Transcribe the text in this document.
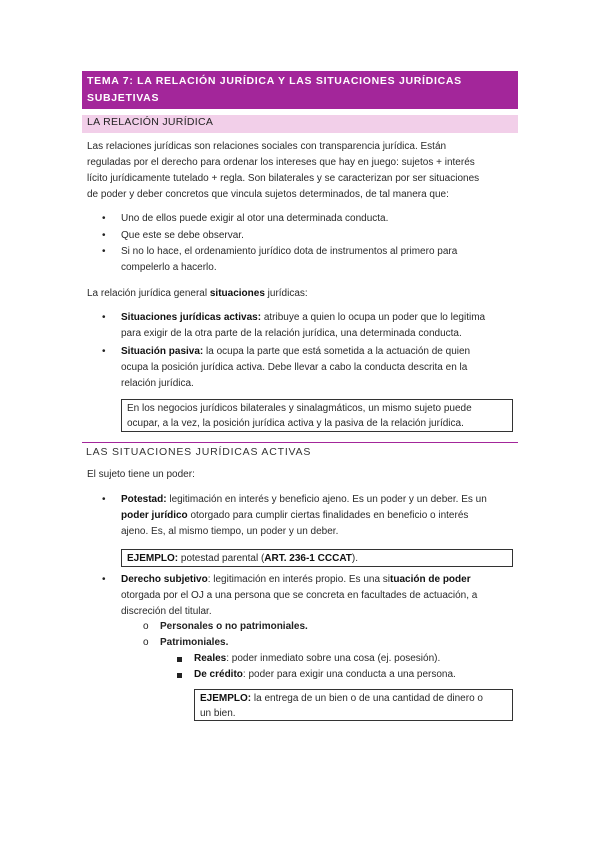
TEMA 7: LA RELACIÓN JURÍDICA Y LAS SITUACIONES JURÍDICAS
SUBJETIVAS
LA RELACIÓN JURÍDICA
Las relaciones jurídicas son relaciones sociales con transparencia jurídica. Están
reguladas por el derecho para ordenar los intereses que hay en juego: sujetos + interés
lícito jurídicamente tutelado + regla. Son bilaterales y se caracterizan por ser situaciones
de poder y deber concretos que vincula sujetos determinados, de tal manera que:
•	Uno de ellos puede exigir al otor una determinada conducta.
•	Que este se debe observar.
•	Si no lo hace, el ordenamiento jurídico dota de instrumentos al primero para
compelerlo a hacerlo.
La relación jurídica general situaciones jurídicas:
•	Situaciones jurídicas activas: atribuye a quien lo ocupa un poder que lo legitima
para exigir de la otra parte de la relación jurídica, una determinada conducta.
•	Situación pasiva: la ocupa la parte que está sometida a la actuación de quien
ocupa la posición jurídica activa. Debe llevar a cabo la conducta descrita en la
relación jurídica.
En los negocios jurídicos bilaterales y sinalagmáticos, un mismo sujeto puede
ocupar, a la vez, la posición jurídica activa y la pasiva de la relación jurídica.
LAS SITUACIONES JURÍDICAS ACTIVAS
El sujeto tiene un poder:
•	Potestad: legitimación en interés y beneficio ajeno. Es un poder y un deber. Es un
poder jurídico otorgado para cumplir ciertas finalidades en beneficio o interés
ajeno. Es, al mismo tiempo, un poder y un deber.
EJEMPLO: potestad parental (ART. 236-1 CCCAT).
•	Derecho subjetivo: legitimación en interés propio. Es una situación de poder
otorgada por el OJ a una persona que se concreta en facultades de actuación, a
discreción del titular.
o Personales o no patrimoniales.
o Patrimoniales.
Reales: poder inmediato sobre una cosa (ej. posesión).
De crédito: poder para exigir una conducta a una persona.
EJEMPLO: la entrega de un bien o de una cantidad de dinero o
un bien.
